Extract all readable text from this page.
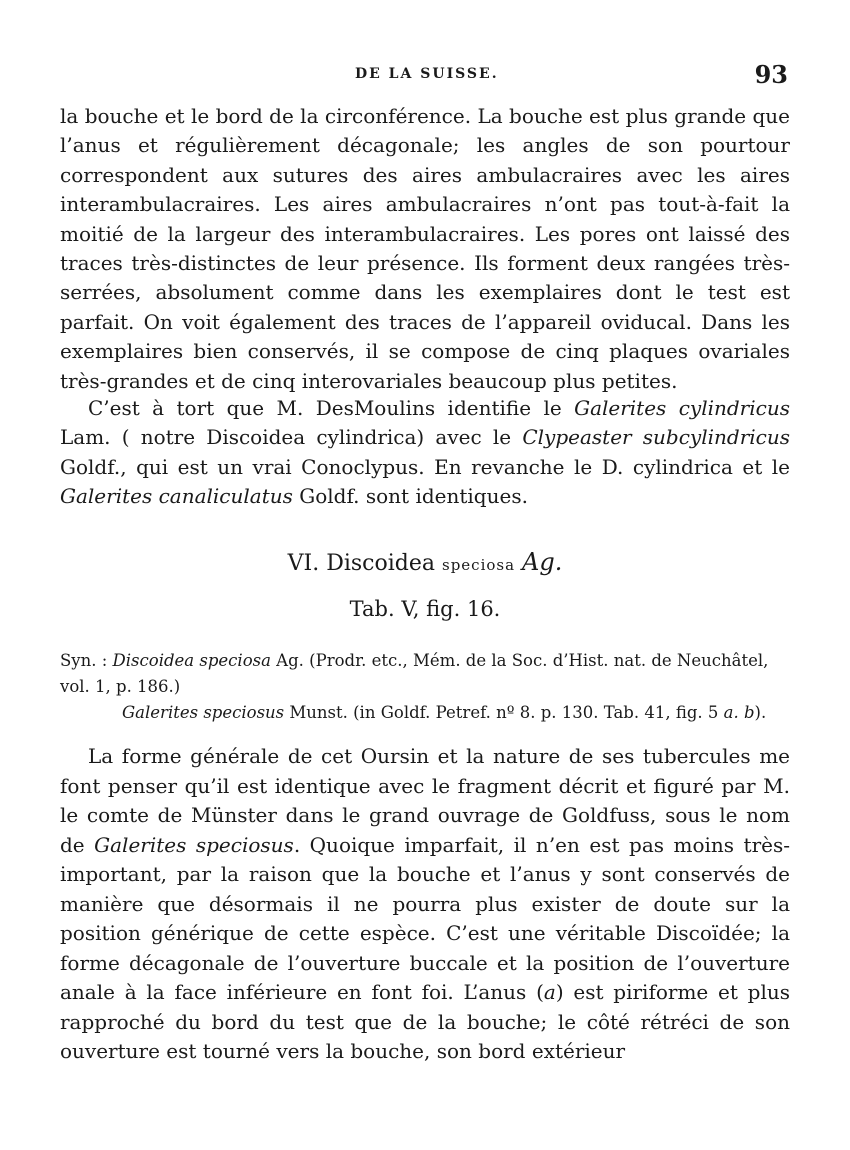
DE LA SUISSE.	93

la bouche et le bord de la circonférence. La bouche est plus grande que l’anus et régulièrement décagonale; les angles de son pourtour correspondent aux sutures des aires ambulacraires avec les aires interambulacraires. Les aires ambulacraires n’ont pas tout-à-fait la moitié de la largeur des interambulacraires. Les pores ont laissé des traces très-distinctes de leur présence. Ils forment deux rangées très-serrées, absolument comme dans les exemplaires dont le test est parfait. On voit également des traces de l’appareil oviducal. Dans les exemplaires bien conservés, il se compose de cinq plaques ovariales très-grandes et de cinq interovariales beaucoup plus petites.

C’est à tort que M. DesMoulins identifie le Galerites cylindricus Lam. ( notre Discoidea cylindrica) avec le Clypeaster subcylindricus Goldf., qui est un vrai Conoclypus. En revanche le D. cylindrica et le Galerites canaliculatus Goldf. sont identiques.

VI. Discoidea speciosa Ag.
Tab. V, fig. 16.
Syn. : Discoidea speciosa Ag. (Prodr. etc., Mém. de la Soc. d’Hist. nat. de Neuchâtel, vol. 1, p. 186.)
Galerites speciosus Munst. (in Goldf. Petref. nº 8. p. 130. Tab. 41, fig. 5 a. b).

La forme générale de cet Oursin et la nature de ses tubercules me font penser qu’il est identique avec le fragment décrit et figuré par M. le comte de Münster dans le grand ouvrage de Goldfuss, sous le nom de Galerites speciosus. Quoique imparfait, il n’en est pas moins très-important, par la raison que la bouche et l’anus y sont conservés de manière que désormais il ne pourra plus exister de doute sur la position générique de cette espèce. C’est une véritable Discoïdée; la forme décagonale de l’ouverture buccale et la position de l’ouverture anale à la face inférieure en font foi. L’anus (a) est piriforme et plus rapproché du bord du test que de la bouche; le côté rétréci de son ouverture est tourné vers la bouche, son bord extérieur
